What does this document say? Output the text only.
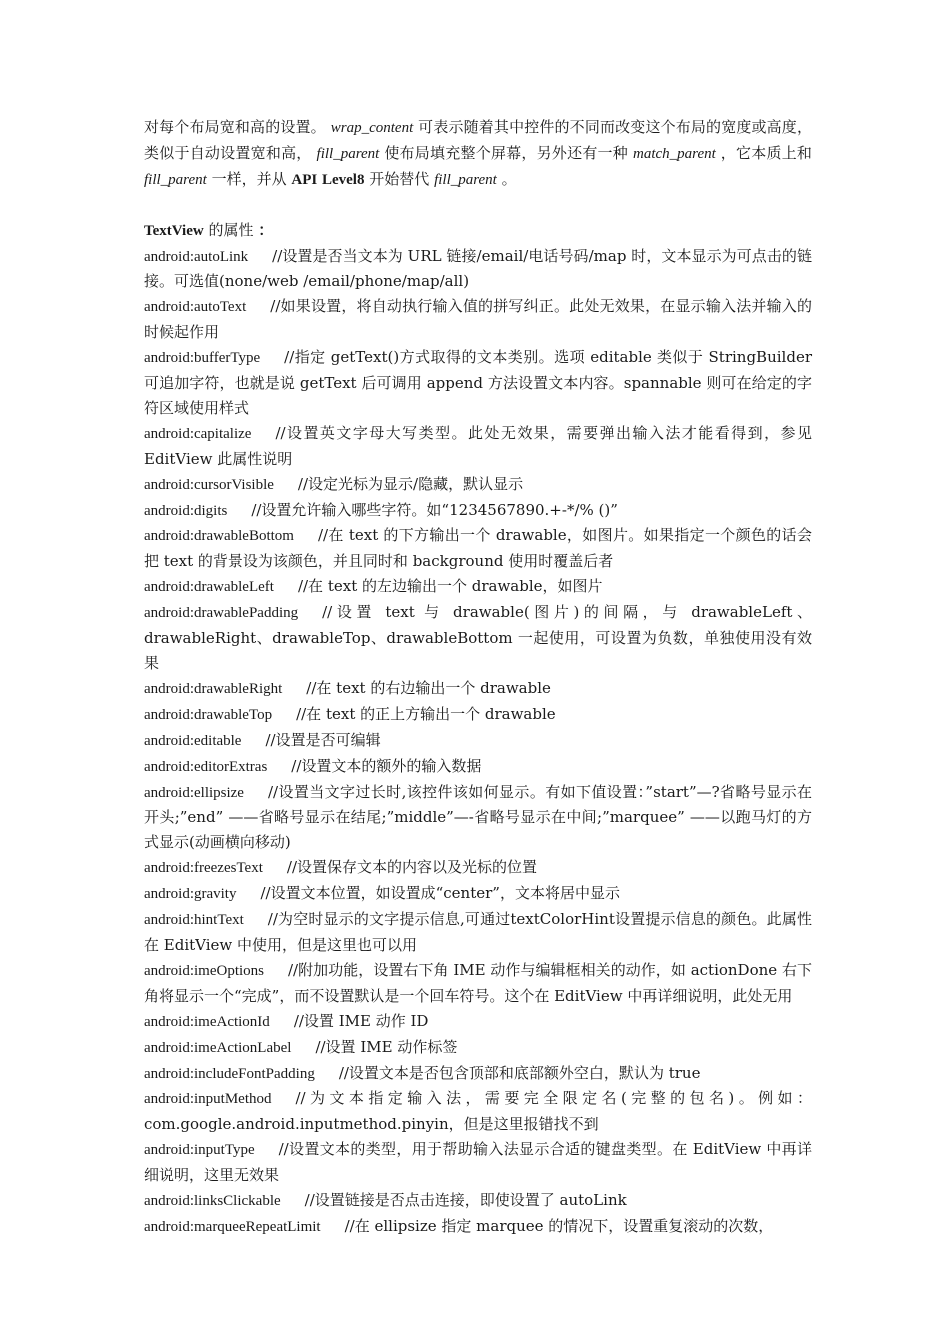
对每个布局宽和高的设置。 wrap_content 可表示随着其中控件的不同而改变这个布局的宽度或高度，类似于自动设置宽和高， fill_parent 使布局填充整个屏幕，另外还有一种 match_parent ，它本质上和 fill_parent 一样，并从 API Level8 开始替代 fill_parent 。

TextView 的属性 ：

android:autoLink //设置是否当文本为 URL 链接/email/电话号码/map 时，文本显示为可点击的链接。可选值(none/web /email/phone/map/all)

android:autoText //如果设置，将自动执行输入值的拼写纠正。此处无效果，在显示输入法并输入的时候起作用

android:bufferType //指定 getText()方式取得的文本类别。选项 editable 类似于 StringBuilder 可追加字符，也就是说 getText 后可调用 append 方法设置文本内容。spannable 则可在给定的字符区域使用样式

android:capitalize //设置英文字母大写类型。此处无效果，需要弹出输入法才能看得到，参见 EditView 此属性说明

android:cursorVisible //设定光标为显示/隐藏，默认显示

android:digits //设置允许输入哪些字符。如“1234567890.+-*/% ()”

android:drawableBottom //在 text 的下方输出一个 drawable，如图片。如果指定一个颜色的话会把 text 的背景设为该颜色，并且同时和 background 使用时覆盖后者

android:drawableLeft //在 text 的左边输出一个 drawable，如图片

android:drawablePadding //设置 text 与 drawable(图片)的间隔，与 drawableLeft、drawableRight、drawableTop、drawableBottom 一起使用，可设置为负数，单独使用没有效果

android:drawableRight //在 text 的右边输出一个 drawable

android:drawableTop //在 text 的正上方输出一个 drawable

android:editable //设置是否可编辑

android:editorExtras //设置文本的额外的输入数据

android:ellipsize //设置当文字过长时,该控件该如何显示。有如下值设置：”start”—?省略号显示在开头;”end” ——省略号显示在结尾;”middle”—-省略号显示在中间;”marquee” ——以跑马灯的方式显示(动画横向移动)

android:freezesText //设置保存文本的内容以及光标的位置

android:gravity //设置文本位置，如设置成“center”，文本将居中显示

android:hintText //为空时显示的文字提示信息,可通过textColorHint设置提示信息的颜色。此属性在 EditView 中使用，但是这里也可以用

android:imeOptions //附加功能，设置右下角 IME 动作与编辑框相关的动作，如 actionDone 右下角将显示一个“完成”，而不设置默认是一个回车符号。这个在 EditView 中再详细说明，此处无用

android:imeActionId //设置 IME 动作 ID

android:imeActionLabel //设置 IME 动作标签

android:includeFontPadding //设置文本是否包含顶部和底部额外空白，默认为 true

android:inputMethod //为文本指定输入法，需要完全限定名(完整的包名)。例如：com.google.android.inputmethod.pinyin，但是这里报错找不到

android:inputType //设置文本的类型，用于帮助输入法显示合适的键盘类型。在 EditView 中再详细说明，这里无效果

android:linksClickable //设置链接是否点击连接，即使设置了 autoLink

android:marqueeRepeatLimit //在 ellipsize 指定 marquee 的情况下，设置重复滚动的次数，
